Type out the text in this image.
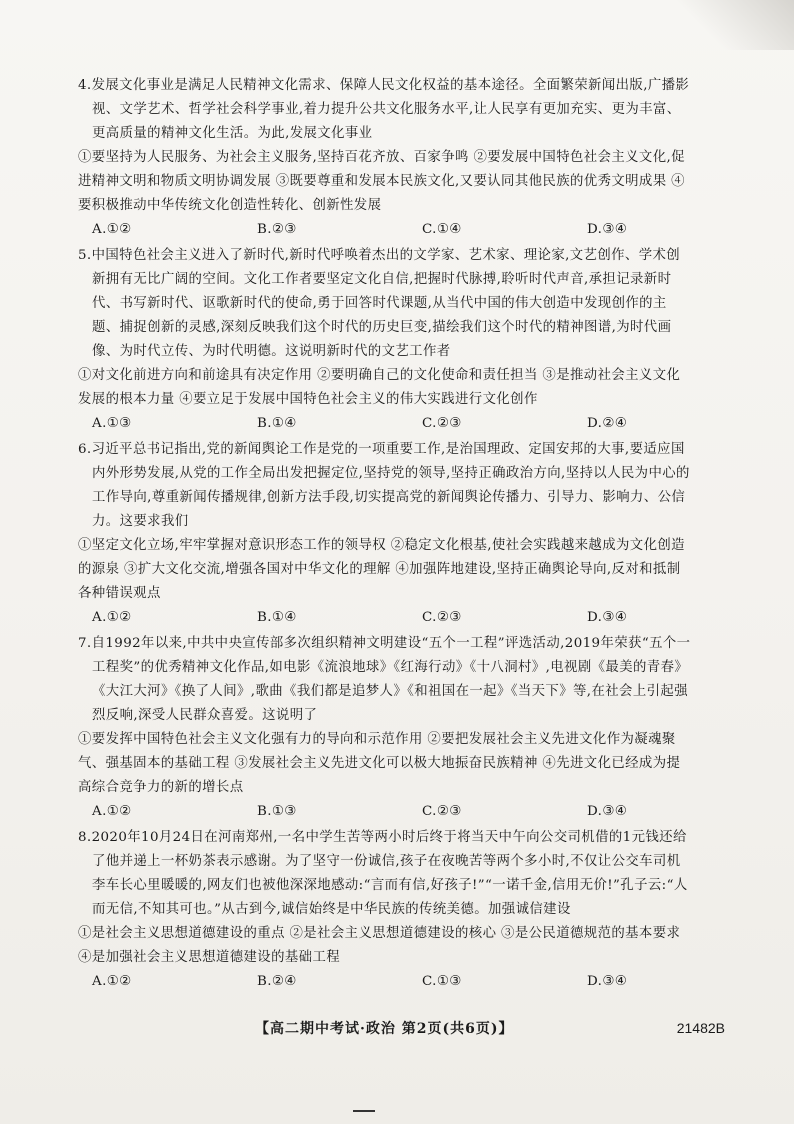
4.发展文化事业是满足人民精神文化需求、保障人民文化权益的基本途径。全面繁荣新闻出版,广播影视、文学艺术、哲学社会科学事业,着力提升公共文化服务水平,让人民享有更加充实、更为丰富、更高质量的精神文化生活。为此,发展文化事业

①要坚持为人民服务、为社会主义服务,坚持百花齐放、百家争鸣 ②要发展中国特色社会主义文化,促进精神文明和物质文明协调发展 ③既要尊重和发展本民族文化,又要认同其他民族的优秀文明成果 ④要积极推动中华传统文化创造性转化、创新性发展

A.①②	B.②③	C.①④	D.③④

5.中国特色社会主义进入了新时代,新时代呼唤着杰出的文学家、艺术家、理论家,文艺创作、学术创新拥有无比广阔的空间。文化工作者要坚定文化自信,把握时代脉搏,聆听时代声音,承担记录新时代、书写新时代、讴歌新时代的使命,勇于回答时代课题,从当代中国的伟大创造中发现创作的主题、捕捉创新的灵感,深刻反映我们这个时代的历史巨变,描绘我们这个时代的精神图谱,为时代画像、为时代立传、为时代明德。这说明新时代的文艺工作者

①对文化前进方向和前途具有决定作用 ②要明确自己的文化使命和责任担当 ③是推动社会主义文化发展的根本力量 ④要立足于发展中国特色社会主义的伟大实践进行文化创作

A.①③	B.①④	C.②③	D.②④

6.习近平总书记指出,党的新闻舆论工作是党的一项重要工作,是治国理政、定国安邦的大事,要适应国内外形势发展,从党的工作全局出发把握定位,坚持党的领导,坚持正确政治方向,坚持以人民为中心的工作导向,尊重新闻传播规律,创新方法手段,切实提高党的新闻舆论传播力、引导力、影响力、公信力。这要求我们

①坚定文化立场,牢牢掌握对意识形态工作的领导权 ②稳定文化根基,使社会实践越来越成为文化创造的源泉 ③扩大文化交流,增强各国对中华文化的理解 ④加强阵地建设,坚持正确舆论导向,反对和抵制各种错误观点

A.①②	B.①④	C.②③	D.③④

7.自1992年以来,中共中央宣传部多次组织精神文明建设“五个一工程”评选活动,2019年荣获“五个一工程奖”的优秀精神文化作品,如电影《流浪地球》《红海行动》《十八洞村》,电视剧《最美的青春》《大江大河》《换了人间》,歌曲《我们都是追梦人》《和祖国在一起》《当天下》等,在社会上引起强烈反响,深受人民群众喜爱。这说明了

①要发挥中国特色社会主义文化强有力的导向和示范作用 ②要把发展社会主义先进文化作为凝魂聚气、强基固本的基础工程 ③发展社会主义先进文化可以极大地振奋民族精神 ④先进文化已经成为提高综合竞争力的新的增长点

A.①②	B.①③	C.②③	D.③④

8.2020年10月24日在河南郑州,一名中学生苦等两小时后终于将当天中午向公交司机借的1元钱还给了他并递上一杯奶茶表示感谢。为了坚守一份诚信,孩子在夜晚苦等两个多小时,不仅让公交车司机李车长心里暖暖的,网友们也被他深深地感动:“言而有信,好孩子!”“一诺千金,信用无价!”孔子云:“人而无信,不知其可也。”从古到今,诚信始终是中华民族的传统美德。加强诚信建设

①是社会主义思想道德建设的重点 ②是社会主义思想道德建设的核心 ③是公民道德规范的基本要求 ④是加强社会主义思想道德建设的基础工程

A.①②	B.②④	C.①③	D.③④
【高二期中考试·政治 第2页(共6页)】	21482B
